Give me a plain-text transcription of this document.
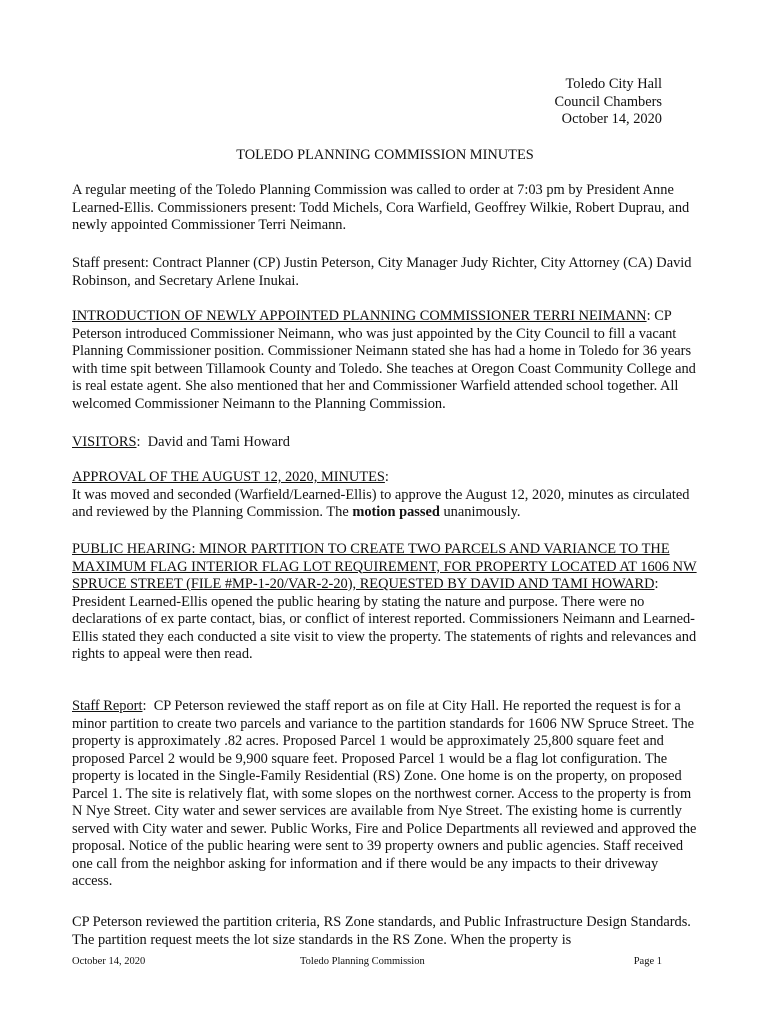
Toledo City Hall
Council Chambers
October 14, 2020
TOLEDO PLANNING COMMISSION MINUTES

A regular meeting of the Toledo Planning Commission was called to order at 7:03 pm by President Anne Learned-Ellis. Commissioners present: Todd Michels, Cora Warfield, Geoffrey Wilkie, Robert Duprau, and newly appointed Commissioner Terri Neimann.

Staff present: Contract Planner (CP) Justin Peterson, City Manager Judy Richter, City Attorney (CA) David Robinson, and Secretary Arlene Inukai.

INTRODUCTION OF NEWLY APPOINTED PLANNING COMMISSIONER TERRI NEIMANN: CP Peterson introduced Commissioner Neimann, who was just appointed by the City Council to fill a vacant Planning Commissioner position. Commissioner Neimann stated she has had a home in Toledo for 36 years with time spit between Tillamook County and Toledo. She teaches at Oregon Coast Community College and is real estate agent. She also mentioned that her and Commissioner Warfield attended school together. All welcomed Commissioner Neimann to the Planning Commission.
VISITORS:  David and Tami Howard
APPROVAL OF THE AUGUST 12, 2020, MINUTES:
It was moved and seconded (Warfield/Learned-Ellis) to approve the August 12, 2020, minutes as circulated and reviewed by the Planning Commission. The motion passed unanimously.
PUBLIC HEARING: MINOR PARTITION TO CREATE TWO PARCELS AND VARIANCE TO THE MAXIMUM FLAG INTERIOR FLAG LOT REQUIREMENT, FOR PROPERTY LOCATED AT 1606 NW SPRUCE STREET (FILE #MP-1-20/VAR-2-20), REQUESTED BY DAVID AND TAMI HOWARD: President Learned-Ellis opened the public hearing by stating the nature and purpose. There were no declarations of ex parte contact, bias, or conflict of interest reported. Commissioners Neimann and Learned-Ellis stated they each conducted a site visit to view the property. The statements of rights and relevances and rights to appeal were then read.
Staff Report:  CP Peterson reviewed the staff report as on file at City Hall. He reported the request is for a minor partition to create two parcels and variance to the partition standards for 1606 NW Spruce Street. The property is approximately .82 acres. Proposed Parcel 1 would be approximately 25,800 square feet and proposed Parcel 2 would be 9,900 square feet. Proposed Parcel 1 would be a flag lot configuration. The property is located in the Single-Family Residential (RS) Zone. One home is on the property, on proposed Parcel 1. The site is relatively flat, with some slopes on the northwest corner. Access to the property is from N Nye Street. City water and sewer services are available from Nye Street. The existing home is currently served with City water and sewer. Public Works, Fire and Police Departments all reviewed and approved the proposal. Notice of the public hearing were sent to 39 property owners and public agencies. Staff received one call from the neighbor asking for information and if there would be any impacts to their driveway access.

CP Peterson reviewed the partition criteria, RS Zone standards, and Public Infrastructure Design Standards. The partition request meets the lot size standards in the RS Zone. When the property is

October 14, 2020	Toledo Planning Commission	Page 1
